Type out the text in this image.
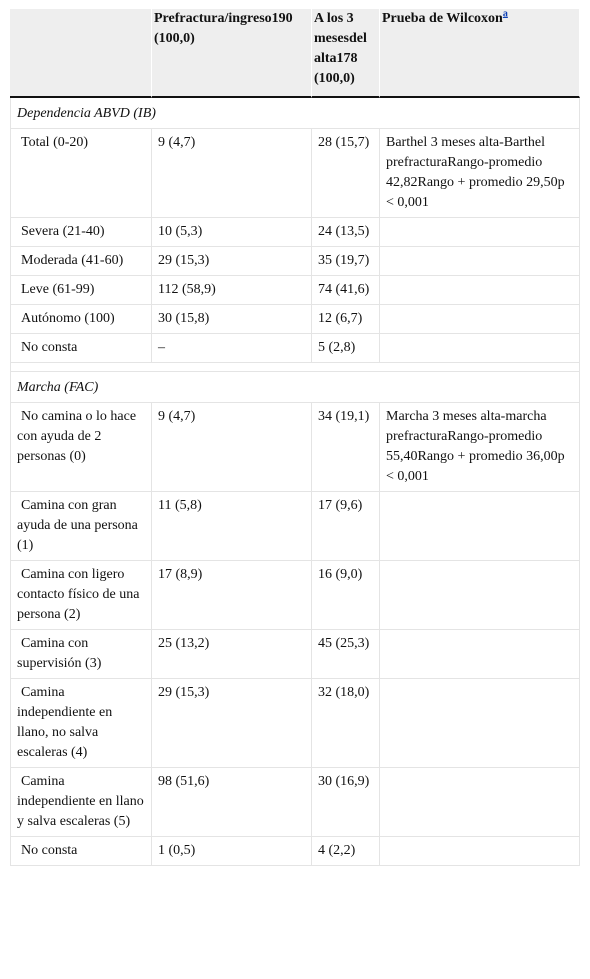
	Prefractura/ingreso190 (100,0)	A los 3 mesesdel alta178 (100,0)	Prueba de Wilcoxon$^a$
Dependencia ABVD (IB)			
Total (0-20)	9 (4,7)	28 (15,7)	Barthel 3 meses alta-Barthel prefracturaRango-promedio 42,82Rango + promedio 29,50p < 0,001
Severa (21-40)	10 (5,3)	24 (13,5)	
Moderada (41-60)	29 (15,3)	35 (19,7)	
Leve (61-99)	112 (58,9)	74 (41,6)	
Autónomo (100)	30 (15,8)	12 (6,7)	
No consta	–	5 (2,8)	

Marcha (FAC)			
No camina o lo hace con ayuda de 2 personas (0)	9 (4,7)	34 (19,1)	Marcha 3 meses alta-marcha prefracturaRango-promedio 55,40Rango + promedio 36,00p < 0,001
Camina con gran ayuda de una persona (1)	11 (5,8)	17 (9,6)	
Camina con ligero contacto físico de una persona (2)	17 (8,9)	16 (9,0)	
Camina con supervisión (3)	25 (13,2)	45 (25,3)	
Camina independiente en llano, no salva escaleras (4)	29 (15,3)	32 (18,0)	
Camina independiente en llano y salva escaleras (5)	98 (51,6)	30 (16,9)	
No consta	1 (0,5)	4 (2,2)	
